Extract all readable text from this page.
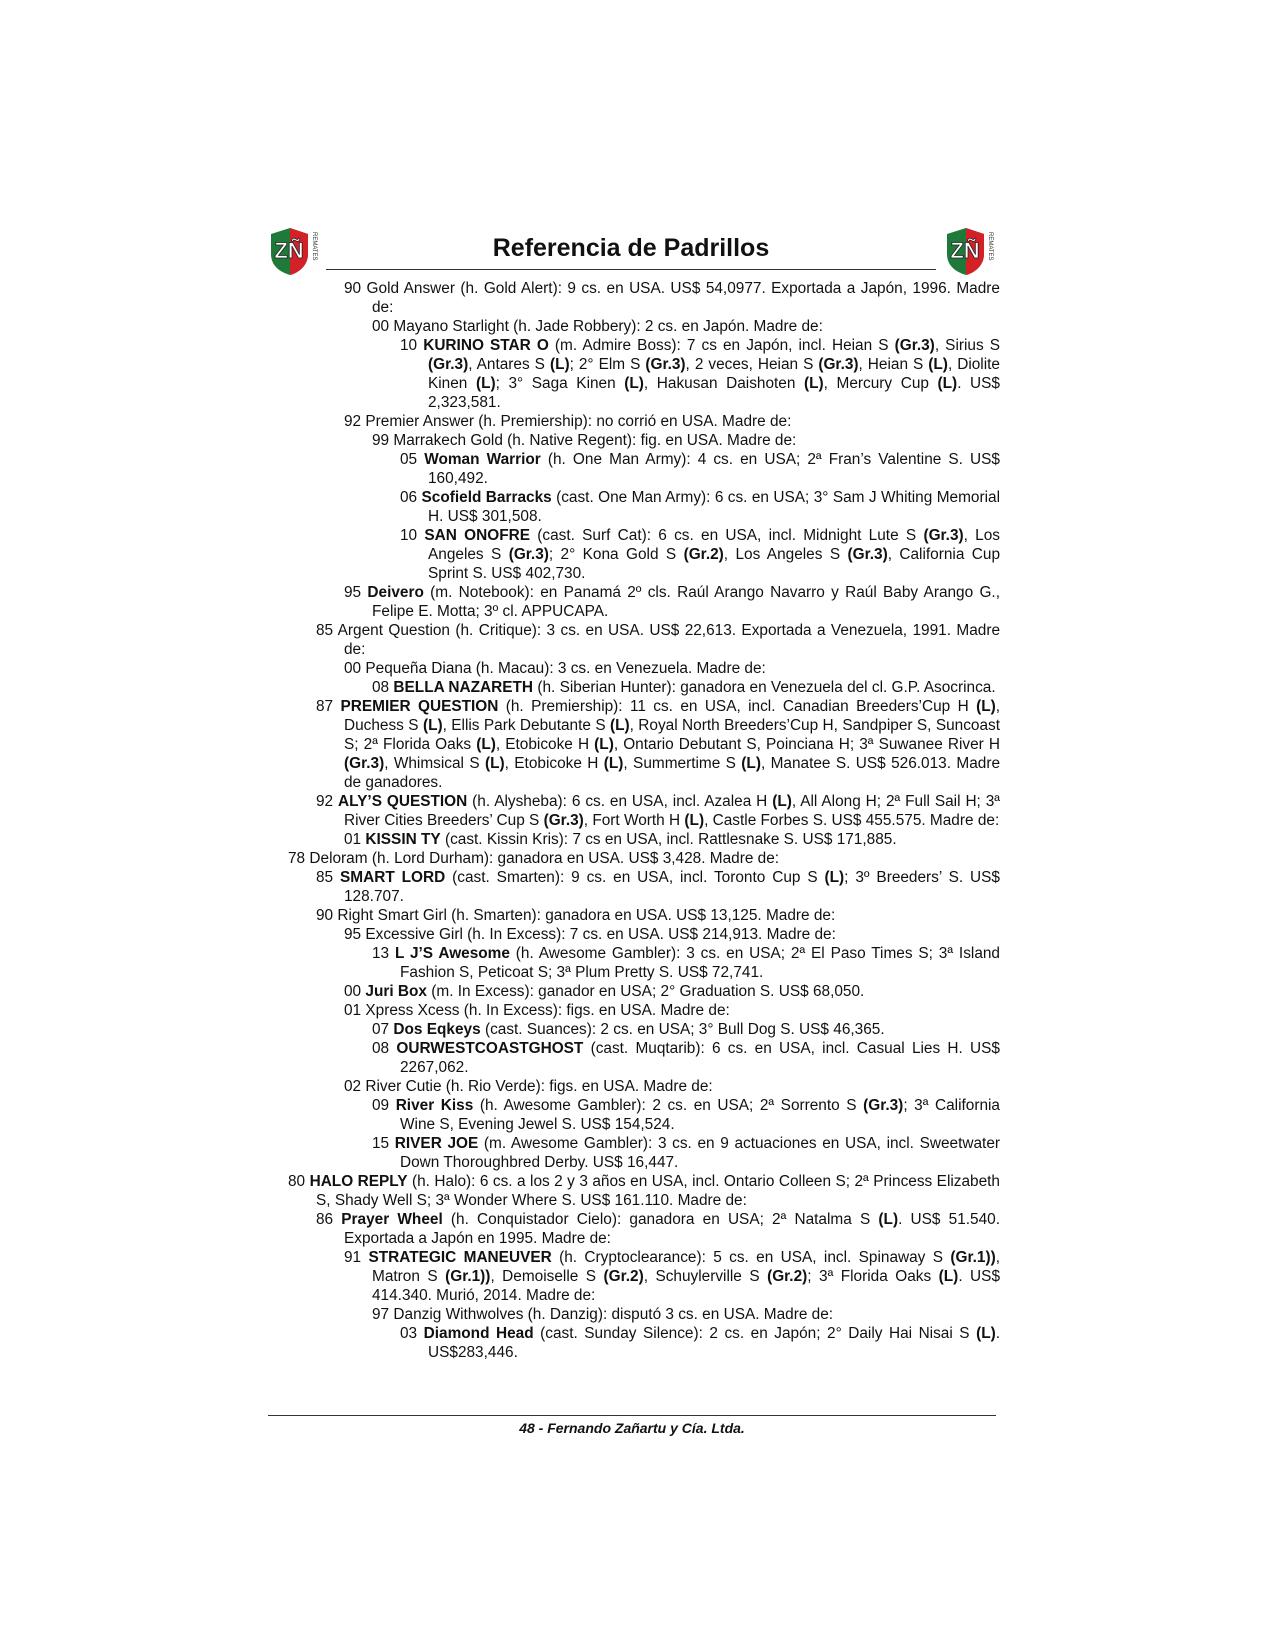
ZÑ REMATES	Referencia de Padrillos	ZÑ REMATES
90 Gold Answer (h. Gold Alert): 9 cs. en USA. US$ 54,0977. Exportada a Japón, 1996. Madre de:
00 Mayano Starlight (h. Jade Robbery): 2 cs. en Japón. Madre de:
10 KURINO STAR O (m. Admire Boss): 7 cs en Japón, incl. Heian S (Gr.3), Sirius S (Gr.3), Antares S (L); 2° Elm S (Gr.3), 2 veces, Heian S (Gr.3), Heian S (L), Diolite Kinen (L); 3° Saga Kinen (L), Hakusan Daishoten (L), Mercury Cup (L). US$ 2,323,581.
92 Premier Answer (h. Premiership): no corrió en USA. Madre de:
99 Marrakech Gold (h. Native Regent): fig. en USA. Madre de:
05 Woman Warrior (h. One Man Army): 4 cs. en USA; 2ª Fran’s Valentine S. US$ 160,492.
06 Scofield Barracks (cast. One Man Army): 6 cs. en USA; 3° Sam J Whiting Memorial H. US$ 301,508.
10 SAN ONOFRE (cast. Surf Cat): 6 cs. en USA, incl. Midnight Lute S (Gr.3), Los Angeles S (Gr.3); 2° Kona Gold S (Gr.2), Los Angeles S (Gr.3), California Cup Sprint S. US$ 402,730.
95 Deivero (m. Notebook): en Panamá 2º cls. Raúl Arango Navarro y Raúl Baby Arango G., Felipe E. Motta; 3º cl. APPUCAPA.
85 Argent Question (h. Critique): 3 cs. en USA. US$ 22,613. Exportada a Venezuela, 1991. Madre de:
00 Pequeña Diana (h. Macau): 3 cs. en Venezuela. Madre de:
08 BELLA NAZARETH (h. Siberian Hunter): ganadora en Venezuela del cl. G.P. Asocrinca.
87 PREMIER QUESTION (h. Premiership): 11 cs. en USA, incl. Canadian Breeders’Cup H (L), Duchess S (L), Ellis Park Debutante S (L), Royal North Breeders’Cup H, Sandpiper S, Suncoast S; 2ª Florida Oaks (L), Etobicoke H (L), Ontario Debutant S, Poinciana H; 3ª Suwanee River H (Gr.3), Whimsical S (L), Etobicoke H (L), Summertime S (L), Manatee S. US$ 526.013. Madre de ganadores.
92 ALY’S QUESTION (h. Alysheba): 6 cs. en USA, incl. Azalea H (L), All Along H; 2ª Full Sail H; 3ª River Cities Breeders’ Cup S (Gr.3), Fort Worth H (L), Castle Forbes S. US$ 455.575. Madre de:
01 KISSIN TY (cast. Kissin Kris): 7 cs en USA, incl. Rattlesnake S. US$ 171,885.
78 Deloram (h. Lord Durham): ganadora en USA. US$ 3,428. Madre de:
85 SMART LORD (cast. Smarten): 9 cs. en USA, incl. Toronto Cup S (L); 3º Breeders’ S. US$ 128.707.
90 Right Smart Girl (h. Smarten): ganadora en USA. US$ 13,125. Madre de:
95 Excessive Girl (h. In Excess): 7 cs. en USA. US$ 214,913. Madre de:
13 L J’S Awesome (h. Awesome Gambler): 3 cs. en USA; 2ª El Paso Times S; 3ª Island Fashion S, Peticoat S; 3ª Plum Pretty S. US$ 72,741.
00 Juri Box (m. In Excess): ganador en USA; 2° Graduation S. US$ 68,050.
01 Xpress Xcess (h. In Excess): figs. en USA. Madre de:
07 Dos Eqkeys (cast. Suances): 2 cs. en USA; 3° Bull Dog S. US$ 46,365.
08 OURWESTCOASTGHOST (cast. Muqtarib): 6 cs. en USA, incl. Casual Lies H. US$ 2267,062.
02 River Cutie (h. Rio Verde): figs. en USA. Madre de:
09 River Kiss (h. Awesome Gambler): 2 cs. en USA; 2ª Sorrento S (Gr.3); 3ª California Wine S, Evening Jewel S. US$ 154,524.
15 RIVER JOE (m. Awesome Gambler): 3 cs. en 9 actuaciones en USA, incl. Sweetwater Down Thoroughbred Derby. US$ 16,447.
80 HALO REPLY (h. Halo): 6 cs. a los 2 y 3 años en USA, incl. Ontario Colleen S; 2ª Princess Elizabeth S, Shady Well S; 3ª Wonder Where S. US$ 161.110. Madre de:
86 Prayer Wheel (h. Conquistador Cielo): ganadora en USA; 2ª Natalma S (L). US$ 51.540. Exportada a Japón en 1995. Madre de:
91 STRATEGIC MANEUVER (h. Cryptoclearance): 5 cs. en USA, incl. Spinaway S (Gr.1)), Matron S (Gr.1)), Demoiselle S (Gr.2), Schuylerville S (Gr.2); 3ª Florida Oaks (L). US$ 414.340. Murió, 2014. Madre de:
97 Danzig Withwolves (h. Danzig): disputó 3 cs. en USA. Madre de:
03 Diamond Head (cast. Sunday Silence): 2 cs. en Japón; 2° Daily Hai Nisai S (L). US$283,446.
48 - Fernando Zañartu y Cía. Ltda.
